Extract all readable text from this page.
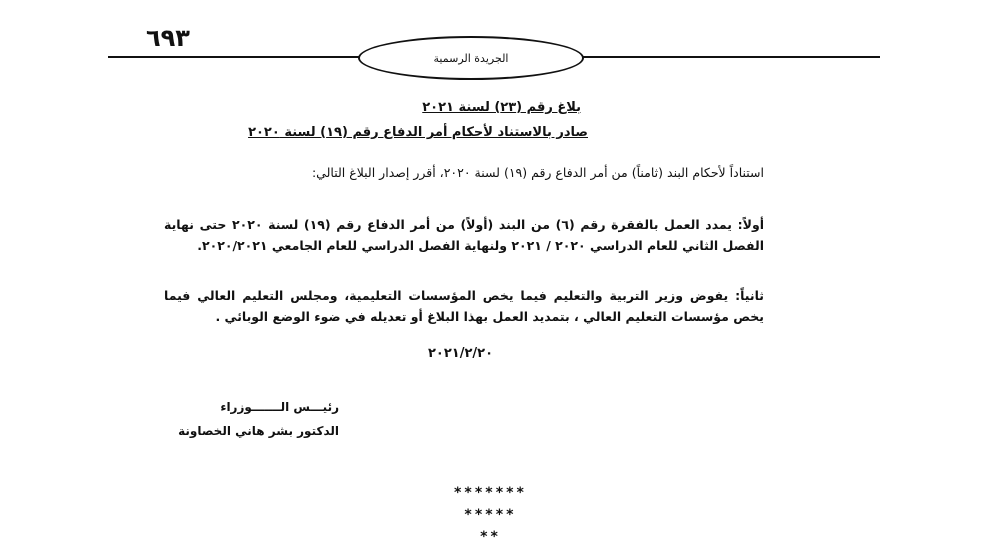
٦٩٣
الجريدة الرسمية
بلاغ رقم (٢٣) لسنة ٢٠٢١
صادر بالاستناد لأحكام أمر الدفاع رقم (١٩) لسنة ٢٠٢٠
استناداً لأحكام البند (ثامناً) من أمر الدفاع رقم (١٩) لسنة ٢٠٢٠، أقرر إصدار البلاغ التالي:
أولاً: يمدد العمل بالفقرة رقم (٦) من البند (أولاً) من أمر الدفاع رقم (١٩) لسنة ٢٠٢٠ حتى نهاية الفصل الثاني للعام الدراسي ٢٠٢٠ / ٢٠٢١ ولنهاية الفصل الدراسي للعام الجامعي ٢٠٢٠/٢٠٢١.
ثانياً: يفوض وزير التربية والتعليم فيما يخص المؤسسات التعليمية، ومجلس التعليم العالي فيما يخص مؤسسات التعليم العالي ، بتمديد العمل بهذا البلاغ أو تعديله في ضوء الوضع الوبائي .
٢٠٢١/٢/٢٠
رئيـــس الـــــــوزراء
الدكتور بشر هاني الخصاونة
*******
*****
**
